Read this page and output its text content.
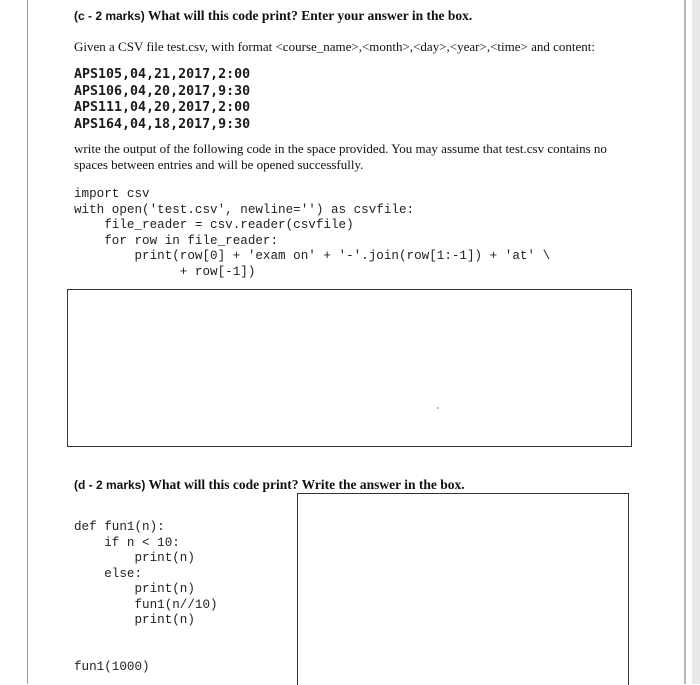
(c - 2 marks) What will this code print? Enter your answer in the box.
Given a CSV file test.csv, with format <course_name>,<month>,<day>,<year>,<time> and content:
APS105,04,21,2017,2:00
APS106,04,20,2017,9:30
APS111,04,20,2017,2:00
APS164,04,18,2017,9:30
write the output of the following code in the space provided. You may assume that test.csv contains no spaces between entries and will be opened successfully.
import csv
with open('test.csv', newline='') as csvfile:
file_reader = csv.reader(csvfile)
for row in file_reader:
print(row[0] + 'exam on' + '-'.join(row[1:-1]) + 'at' \
+ row[-1])
(d - 2 marks) What will this code print? Write the answer in the box.
def fun1(n):
if n < 10:
print(n)
else:
print(n)
fun1(n//10)
print(n)

fun1(1000)
